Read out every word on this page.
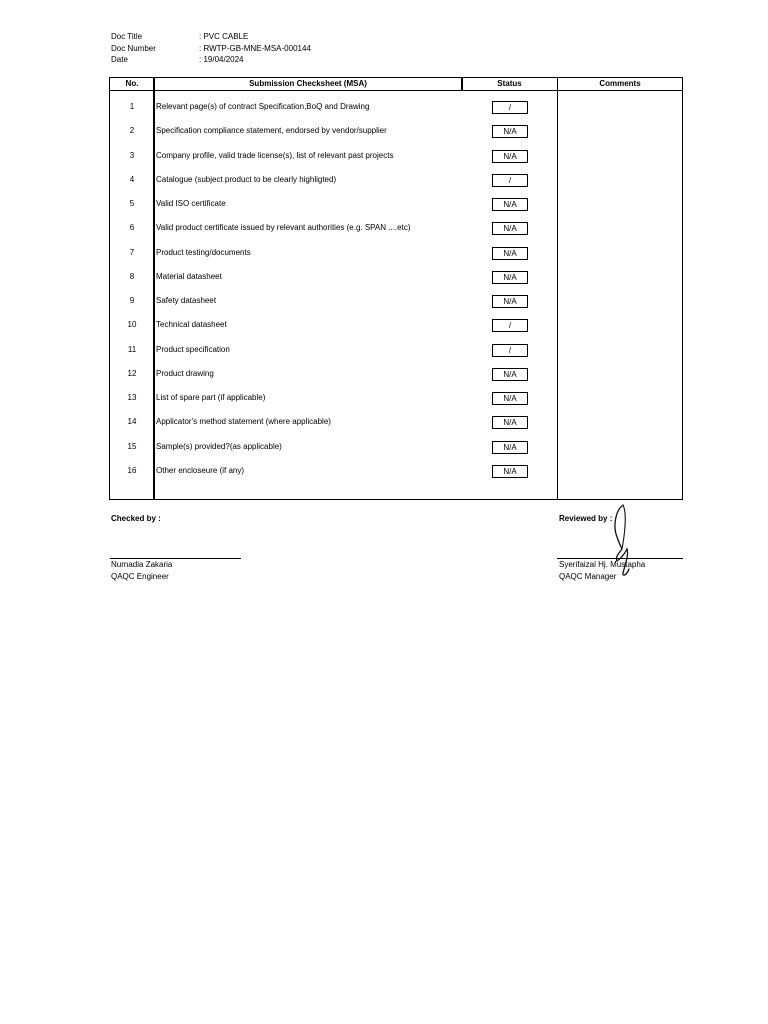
Doc Title	: PVC CABLE
Doc Number	: RWTP-GB-MNE-MSA-000144
Date	: 19/04/2024
No.	Submission Checksheet (MSA)	Status	Comments
1	Relevant page(s) of contract Specification,BoQ and Drawing	/
2	Specification compliance statement, endorsed by vendor/supplier	N/A
3	Company profile, valid trade license(s), list of relevant past projects	N/A
4	Catalogue (subject product to be clearly highligted)	/
5	Valid ISO certificate	N/A
6	Valid product certificate issued by relevant authorities (e.g. SPAN ....etc)	N/A
7	Product testing/documents	N/A
8	Material datasheet	N/A
9	Safety datasheet	N/A
10	Technical datasheet	/
11	Product specification	/
12	Product drawing	N/A
13	List of spare part (if applicable)	N/A
14	Applicator's method statement (where applicable)	N/A
15	Sample(s) provided?(as applicable)	N/A
16	Other encloseure (if any)	N/A
Checked by :
Nurnadia Zakaria
QAQC Engineer
Reviewed by :
Syerifaizal Hj. Mustapha
QAQC Manager
